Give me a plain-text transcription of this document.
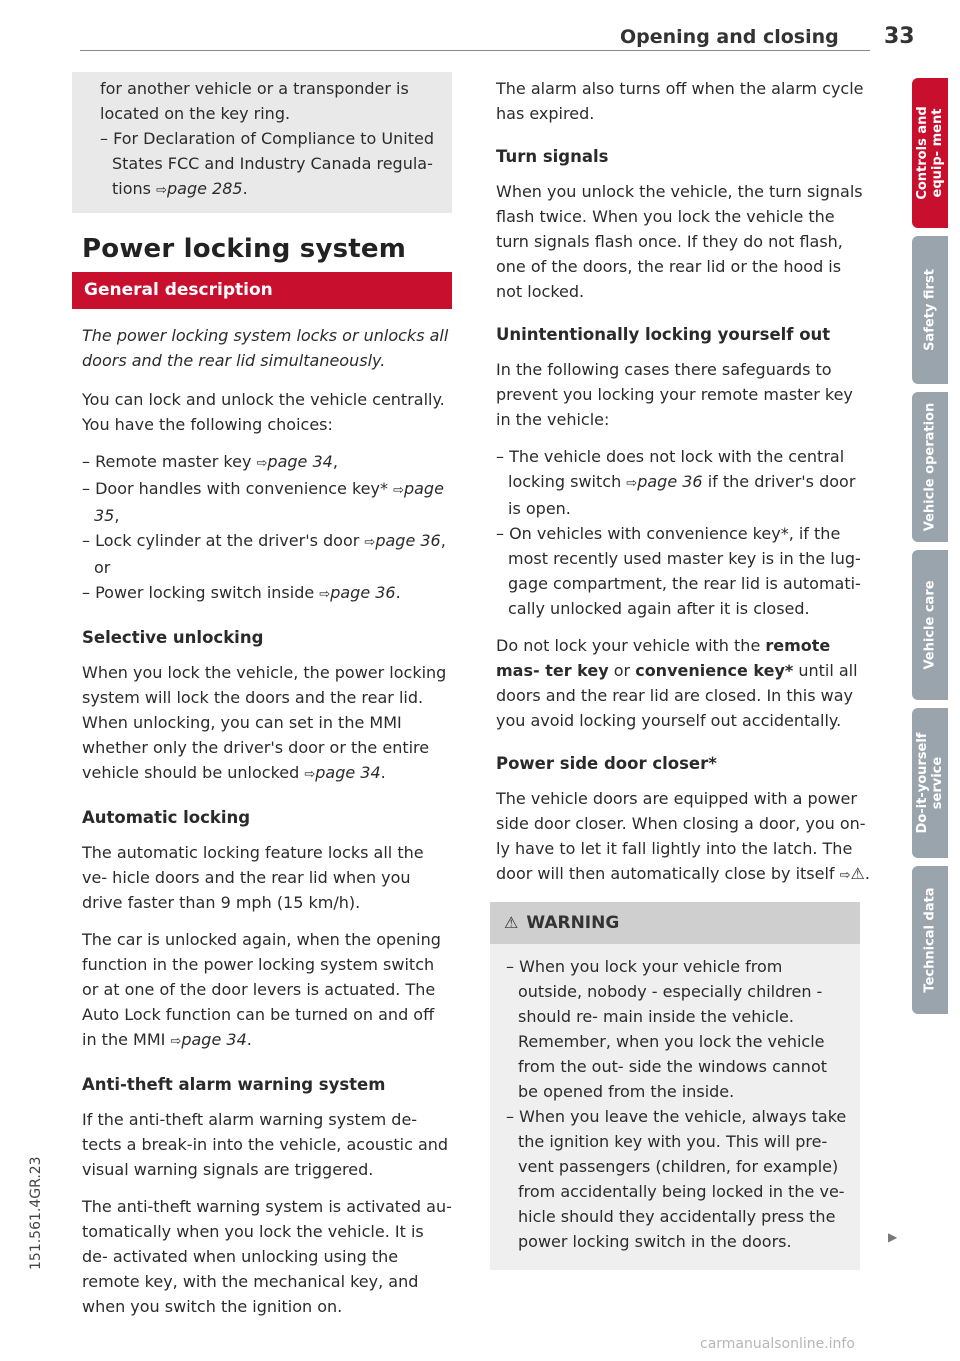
Opening and closing 33

for another vehicle or a transponder is located on the key ring.

– For Declaration of Compliance to United States FCC and Industry Canada regula- tions ⇨page 285.

Power locking system
General description

The power locking system locks or unlocks all doors and the rear lid simultaneously.

You can lock and unlock the vehicle centrally. You have the following choices:

– Remote master key ⇨page 34,
– Door handles with convenience key* ⇨page 35,
– Lock cylinder at the driver's door ⇨page 36, or
– Power locking switch inside ⇨page 36.
Selective unlocking

When you lock the vehicle, the power locking system will lock the doors and the rear lid. When unlocking, you can set in the MMI whether only the driver's door or the entire vehicle should be unlocked ⇨page 34.

Automatic locking

The automatic locking feature locks all the ve- hicle doors and the rear lid when you drive faster than 9 mph (15 km/h).

The car is unlocked again, when the opening function in the power locking system switch or at one of the door levers is actuated. The Auto Lock function can be turned on and off in the MMI ⇨page 34.

Anti-theft alarm warning system

If the anti-theft alarm warning system de- tects a break-in into the vehicle, acoustic and visual warning signals are triggered.

The anti-theft warning system is activated au- tomatically when you lock the vehicle. It is de- activated when unlocking using the remote key, with the mechanical key, and when you switch the ignition on.

The alarm also turns off when the alarm cycle has expired.

Turn signals

When you unlock the vehicle, the turn signals flash twice. When you lock the vehicle the turn signals flash once. If they do not flash, one of the doors, the rear lid or the hood is not locked.

Unintentionally locking yourself out

In the following cases there safeguards to prevent you locking your remote master key in the vehicle:

– The vehicle does not lock with the central locking switch ⇨page 36 if the driver's door is open.
– On vehicles with convenience key*, if the most recently used master key is in the lug- gage compartment, the rear lid is automati- cally unlocked again after it is closed.

Do not lock your vehicle with the remote mas- ter key or convenience key* until all doors and the rear lid are closed. In this way you avoid locking yourself out accidentally.

Power side door closer*

The vehicle doors are equipped with a power side door closer. When closing a door, you on- ly have to let it fall lightly into the latch. The door will then automatically close by itself ⇨⚠.

⚠ WARNING
– When you lock your vehicle from outside, nobody - especially children - should re- main inside the vehicle. Remember, when you lock the vehicle from the out- side the windows cannot be opened from the inside.
– When you leave the vehicle, always take the ignition key with you. This will pre- vent passengers (children, for example) from accidentally being locked in the ve- hicle should they accidentally press the power locking switch in the doors.	▶
Controls and equip- ment
Safety first
Vehicle operation
Vehicle care
Do-it-yourself service
Technical data
151.561.4GR.23
carmanualsonline.info
